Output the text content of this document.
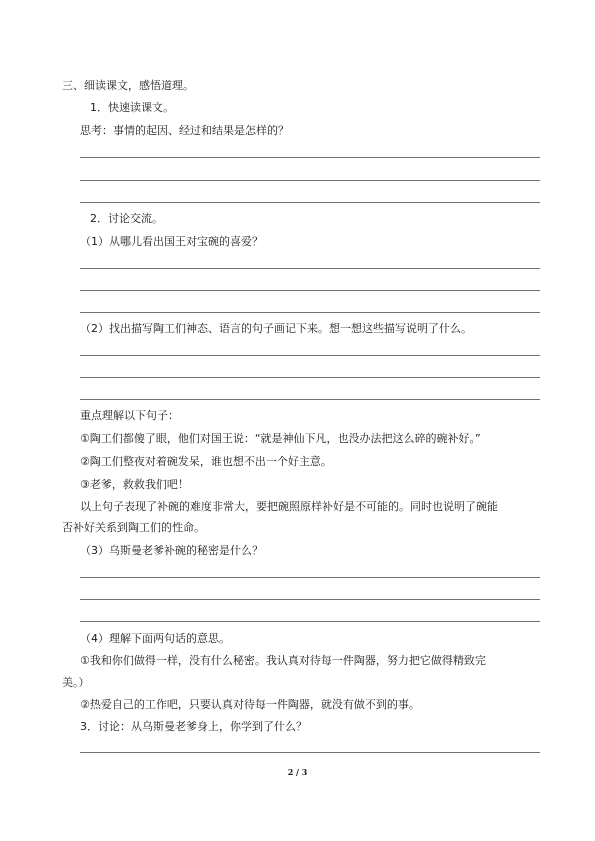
三、细读课文，感悟道理。
1．快速读课文。
思考：事情的起因、经过和结果是怎样的？
2．讨论交流。
（1）从哪儿看出国王对宝碗的喜爱？
（2）找出描写陶工们神态、语言的句子画记下来。想一想这些描写说明了什么。
重点理解以下句子：
①陶工们都傻了眼，他们对国王说：“就是神仙下凡，也没办法把这么碎的碗补好。”
②陶工们整夜对着碗发呆，谁也想不出一个好主意。
③老爹，救救我们吧！
以上句子表现了补碗的难度非常大，要把碗照原样补好是不可能的。同时也说明了碗能
否补好关系到陶工们的性命。
（3）乌斯曼老爹补碗的秘密是什么？
（4）理解下面两句话的意思。
①我和你们做得一样，没有什么秘密。我认真对待每一件陶器，努力把它做得精致完
美。）
②热爱自己的工作吧，只要认真对待每一件陶器，就没有做不到的事。
3．讨论：从乌斯曼老爹身上，你学到了什么？
2 / 3
